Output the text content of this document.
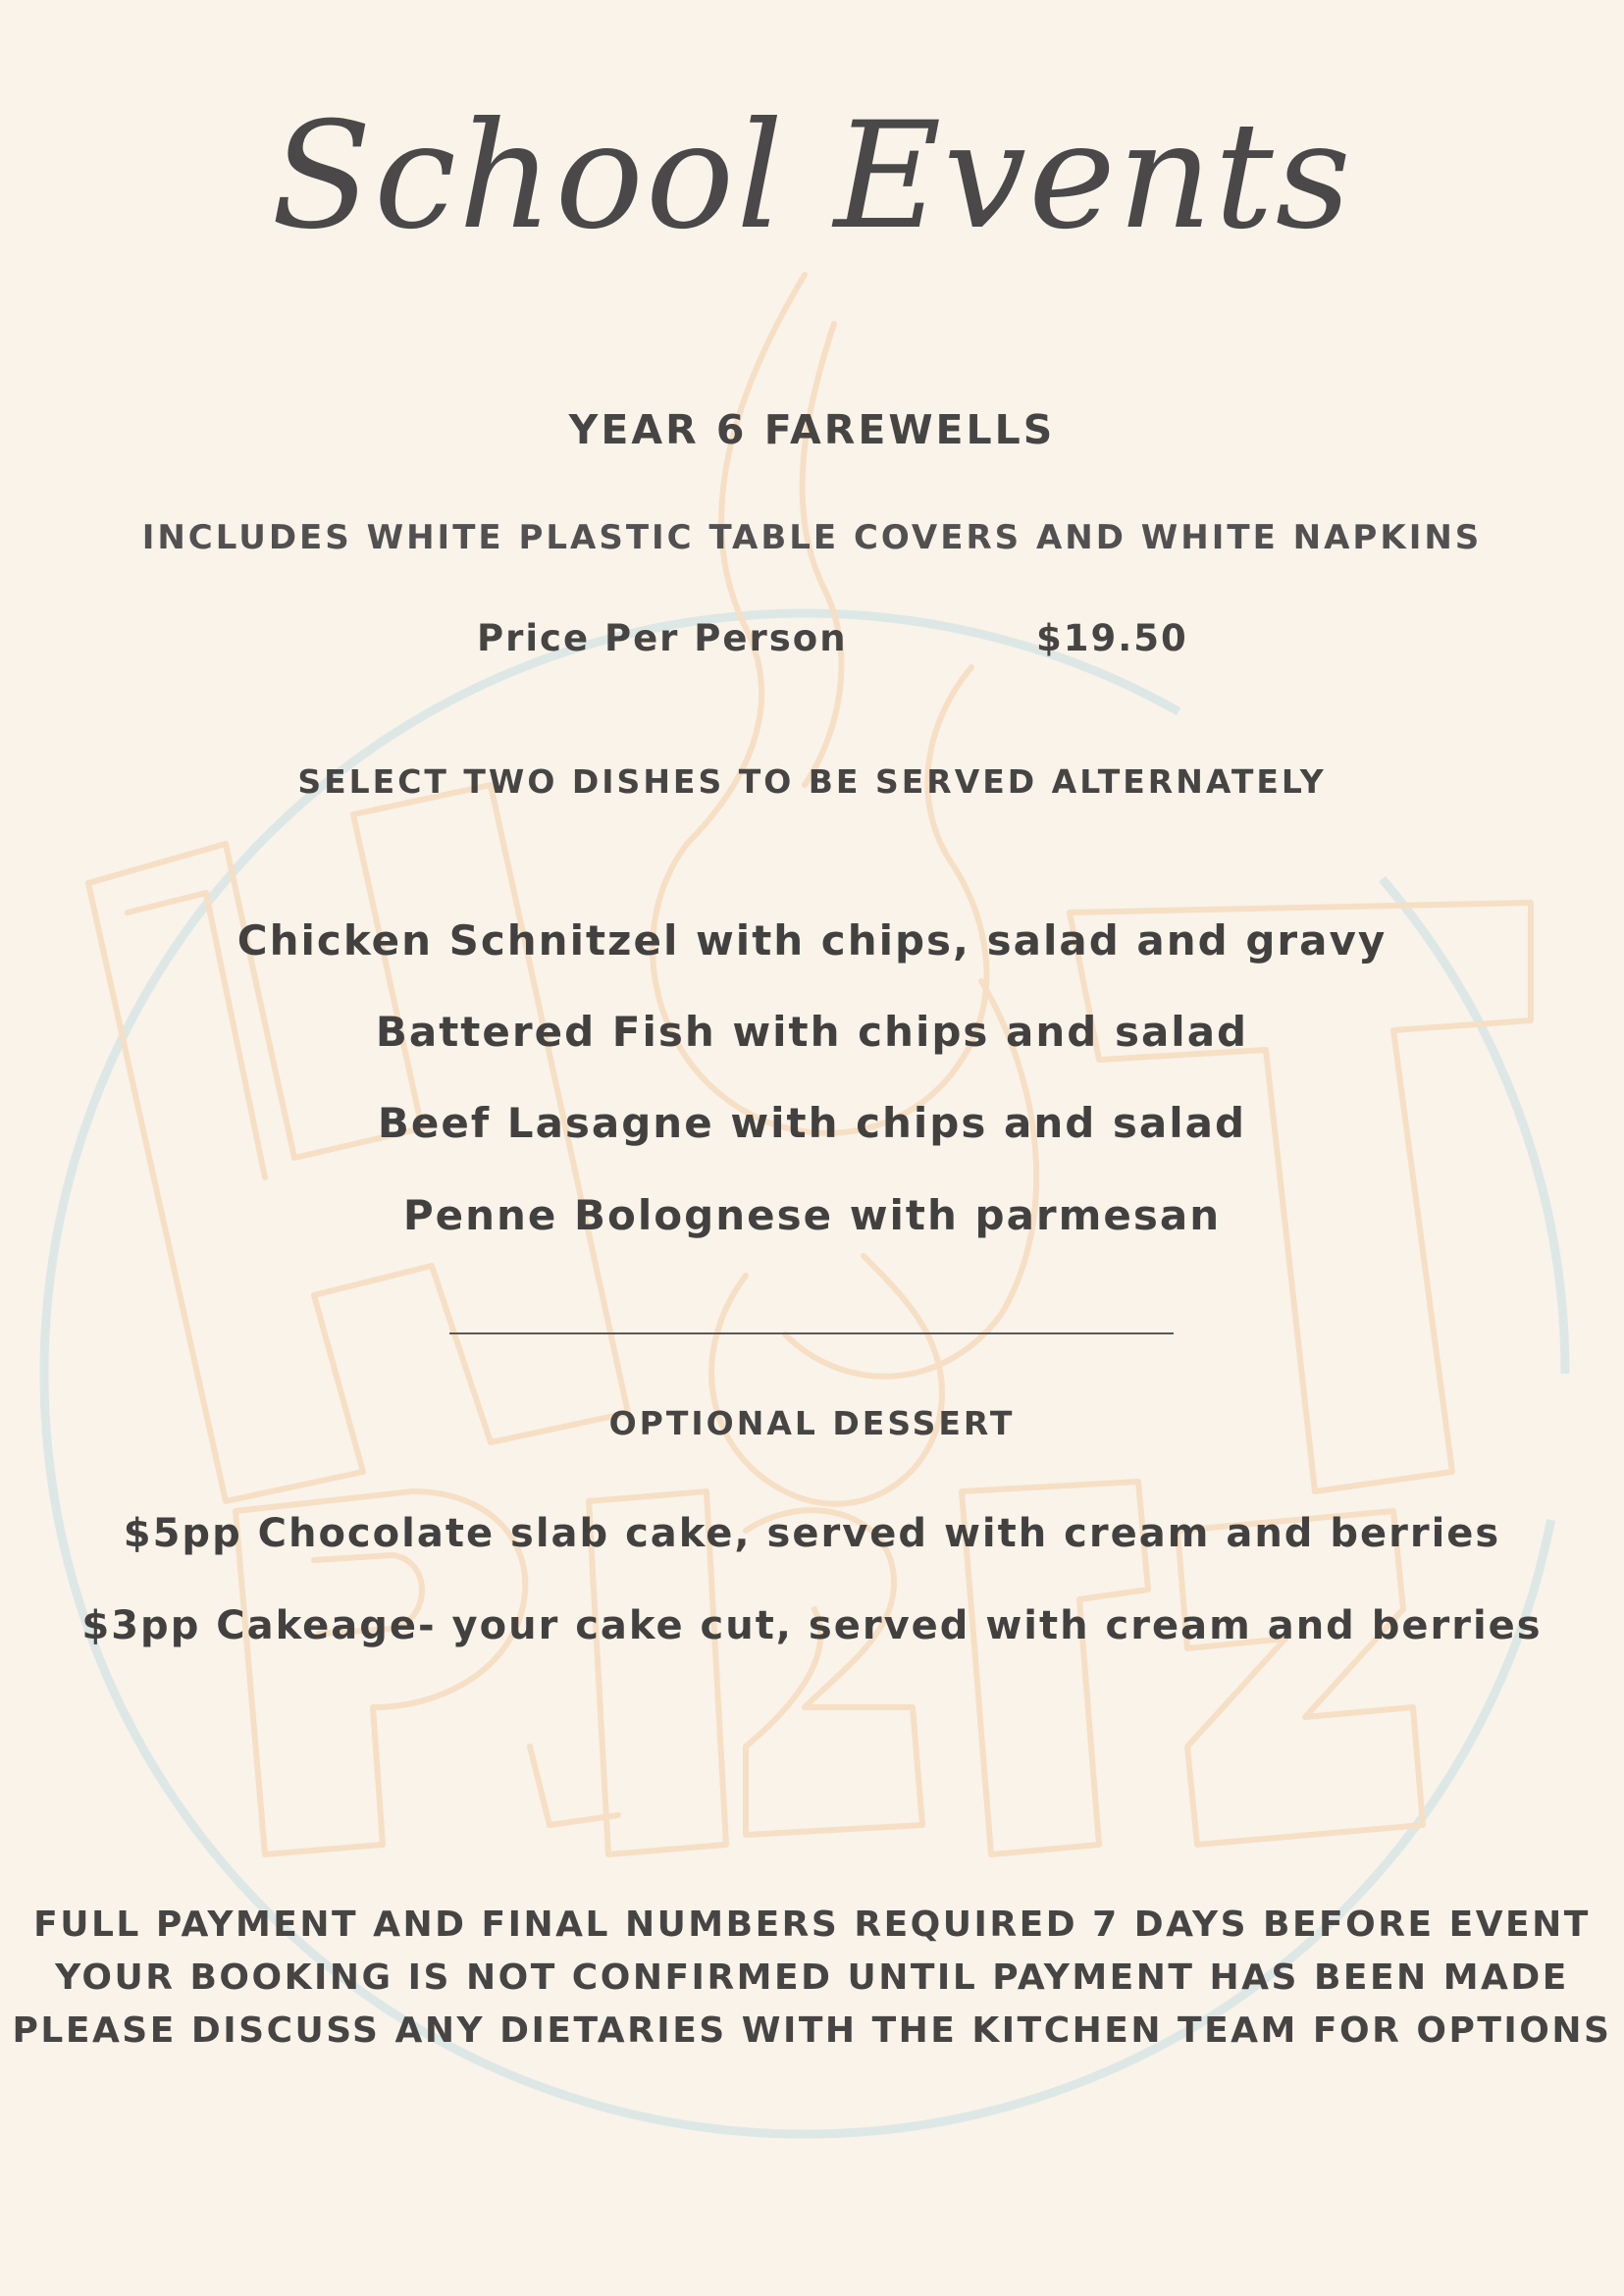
School Events
YEAR 6 FAREWELLS
INCLUDES WHITE PLASTIC TABLE COVERS AND WHITE NAPKINS
Price Per Person	$19.50
SELECT TWO DISHES TO BE SERVED ALTERNATELY
Chicken Schnitzel with chips, salad and gravy
Battered Fish with chips and salad
Beef Lasagne with chips and salad
Penne Bolognese with parmesan
OPTIONAL DESSERT
$5pp Chocolate slab cake, served with cream and berries
$3pp Cakeage- your cake cut, served with cream and berries
FULL PAYMENT AND FINAL NUMBERS REQUIRED 7 DAYS BEFORE EVENT
YOUR BOOKING IS NOT CONFIRMED UNTIL PAYMENT HAS BEEN MADE
PLEASE DISCUSS ANY DIETARIES WITH THE KITCHEN TEAM FOR OPTIONS
